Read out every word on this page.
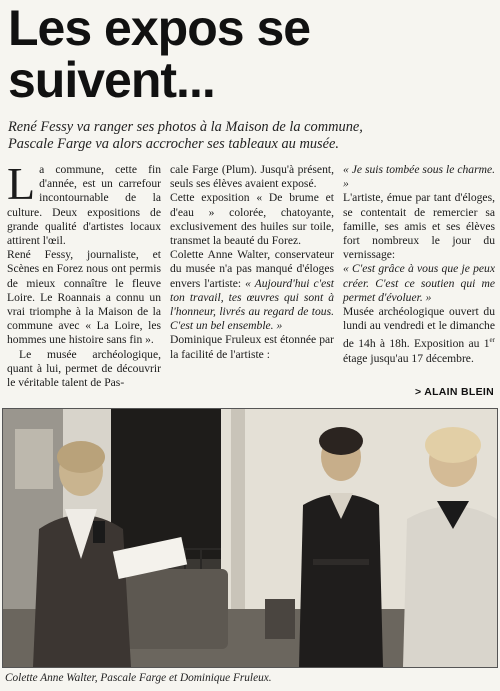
Les expos se
suivent...
René Fessy va ranger ses photos à la Maison de la commune,
Pascale Farge va alors accrocher ses tableaux au musée.

L a commune, cette fin d'année, est un carrefour incontournable de la culture. Deux expositions de grande qualité d'artistes locaux attirent l'œil.

René Fessy, journaliste, et Scènes en Forez nous ont permis de mieux connaître le fleuve Loire. Le Roannais a connu un vrai triomphe à la Maison de la commune avec « La Loire, les hommes une histoire sans fin ».

Le musée archéologique, quant à lui, permet de découvrir le véritable talent de Pas-

cale Farge (Plum). Jusqu'à présent, seuls ses élèves avaient exposé.

Cette exposition « De brume et d'eau » colorée, chatoyante, exclusivement des huiles sur toile, transmet la beauté du Forez.

Colette Anne Walter, conservateur du musée n'a pas manqué d'éloges envers l'artiste: « Aujourd'hui c'est ton travail, tes œuvres qui sont à l'honneur, livrés au regard de tous. C'est un bel ensemble. »

Dominique Fruleux est étonnée par la facilité de l'artiste :

« Je suis tombée sous le charme. »

L'artiste, émue par tant d'éloges, se contentait de remercier sa famille, ses amis et ses élèves fort nombreux le jour du vernissage:

« C'est grâce à vous que je peux créer. C'est ce soutien qui me permet d'évoluer. »

Musée archéologique ouvert du lundi au vendredi et le dimanche de 14h à 18h. Exposition au 1er étage jusqu'au 17 décembre.

> ALAIN BLEIN
Colette Anne Walter, Pascale Farge et Dominique Fruleux.
